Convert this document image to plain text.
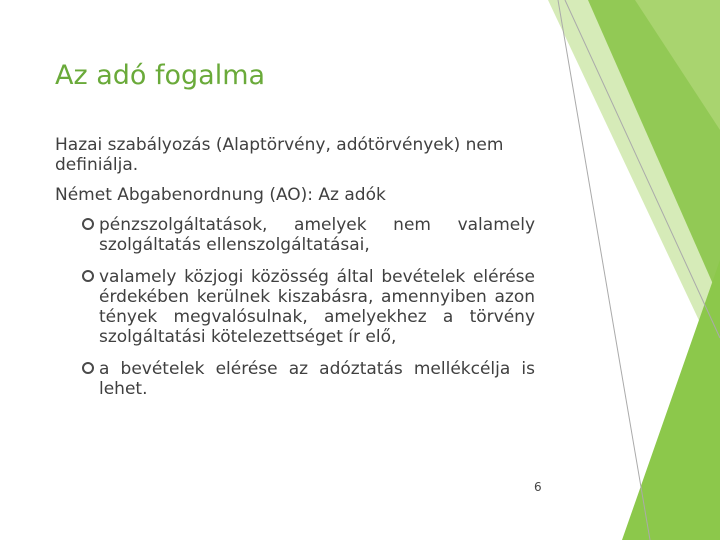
Az adó fogalma

Hazai szabályozás (Alaptörvény, adótörvények) nem definiálja.

Német Abgabenordnung (AO): Az adók

pénzszolgáltatások, amelyek nem valamely szolgáltatás ellenszolgáltatásai,
valamely közjogi közösség által bevételek elérése érdekében kerülnek kiszabásra, amennyiben azon tények megvalósulnak, amelyekhez a törvény szolgáltatási kötelezettséget ír elő,
a bevételek elérése az adóztatás mellékcélja is lehet.
6
